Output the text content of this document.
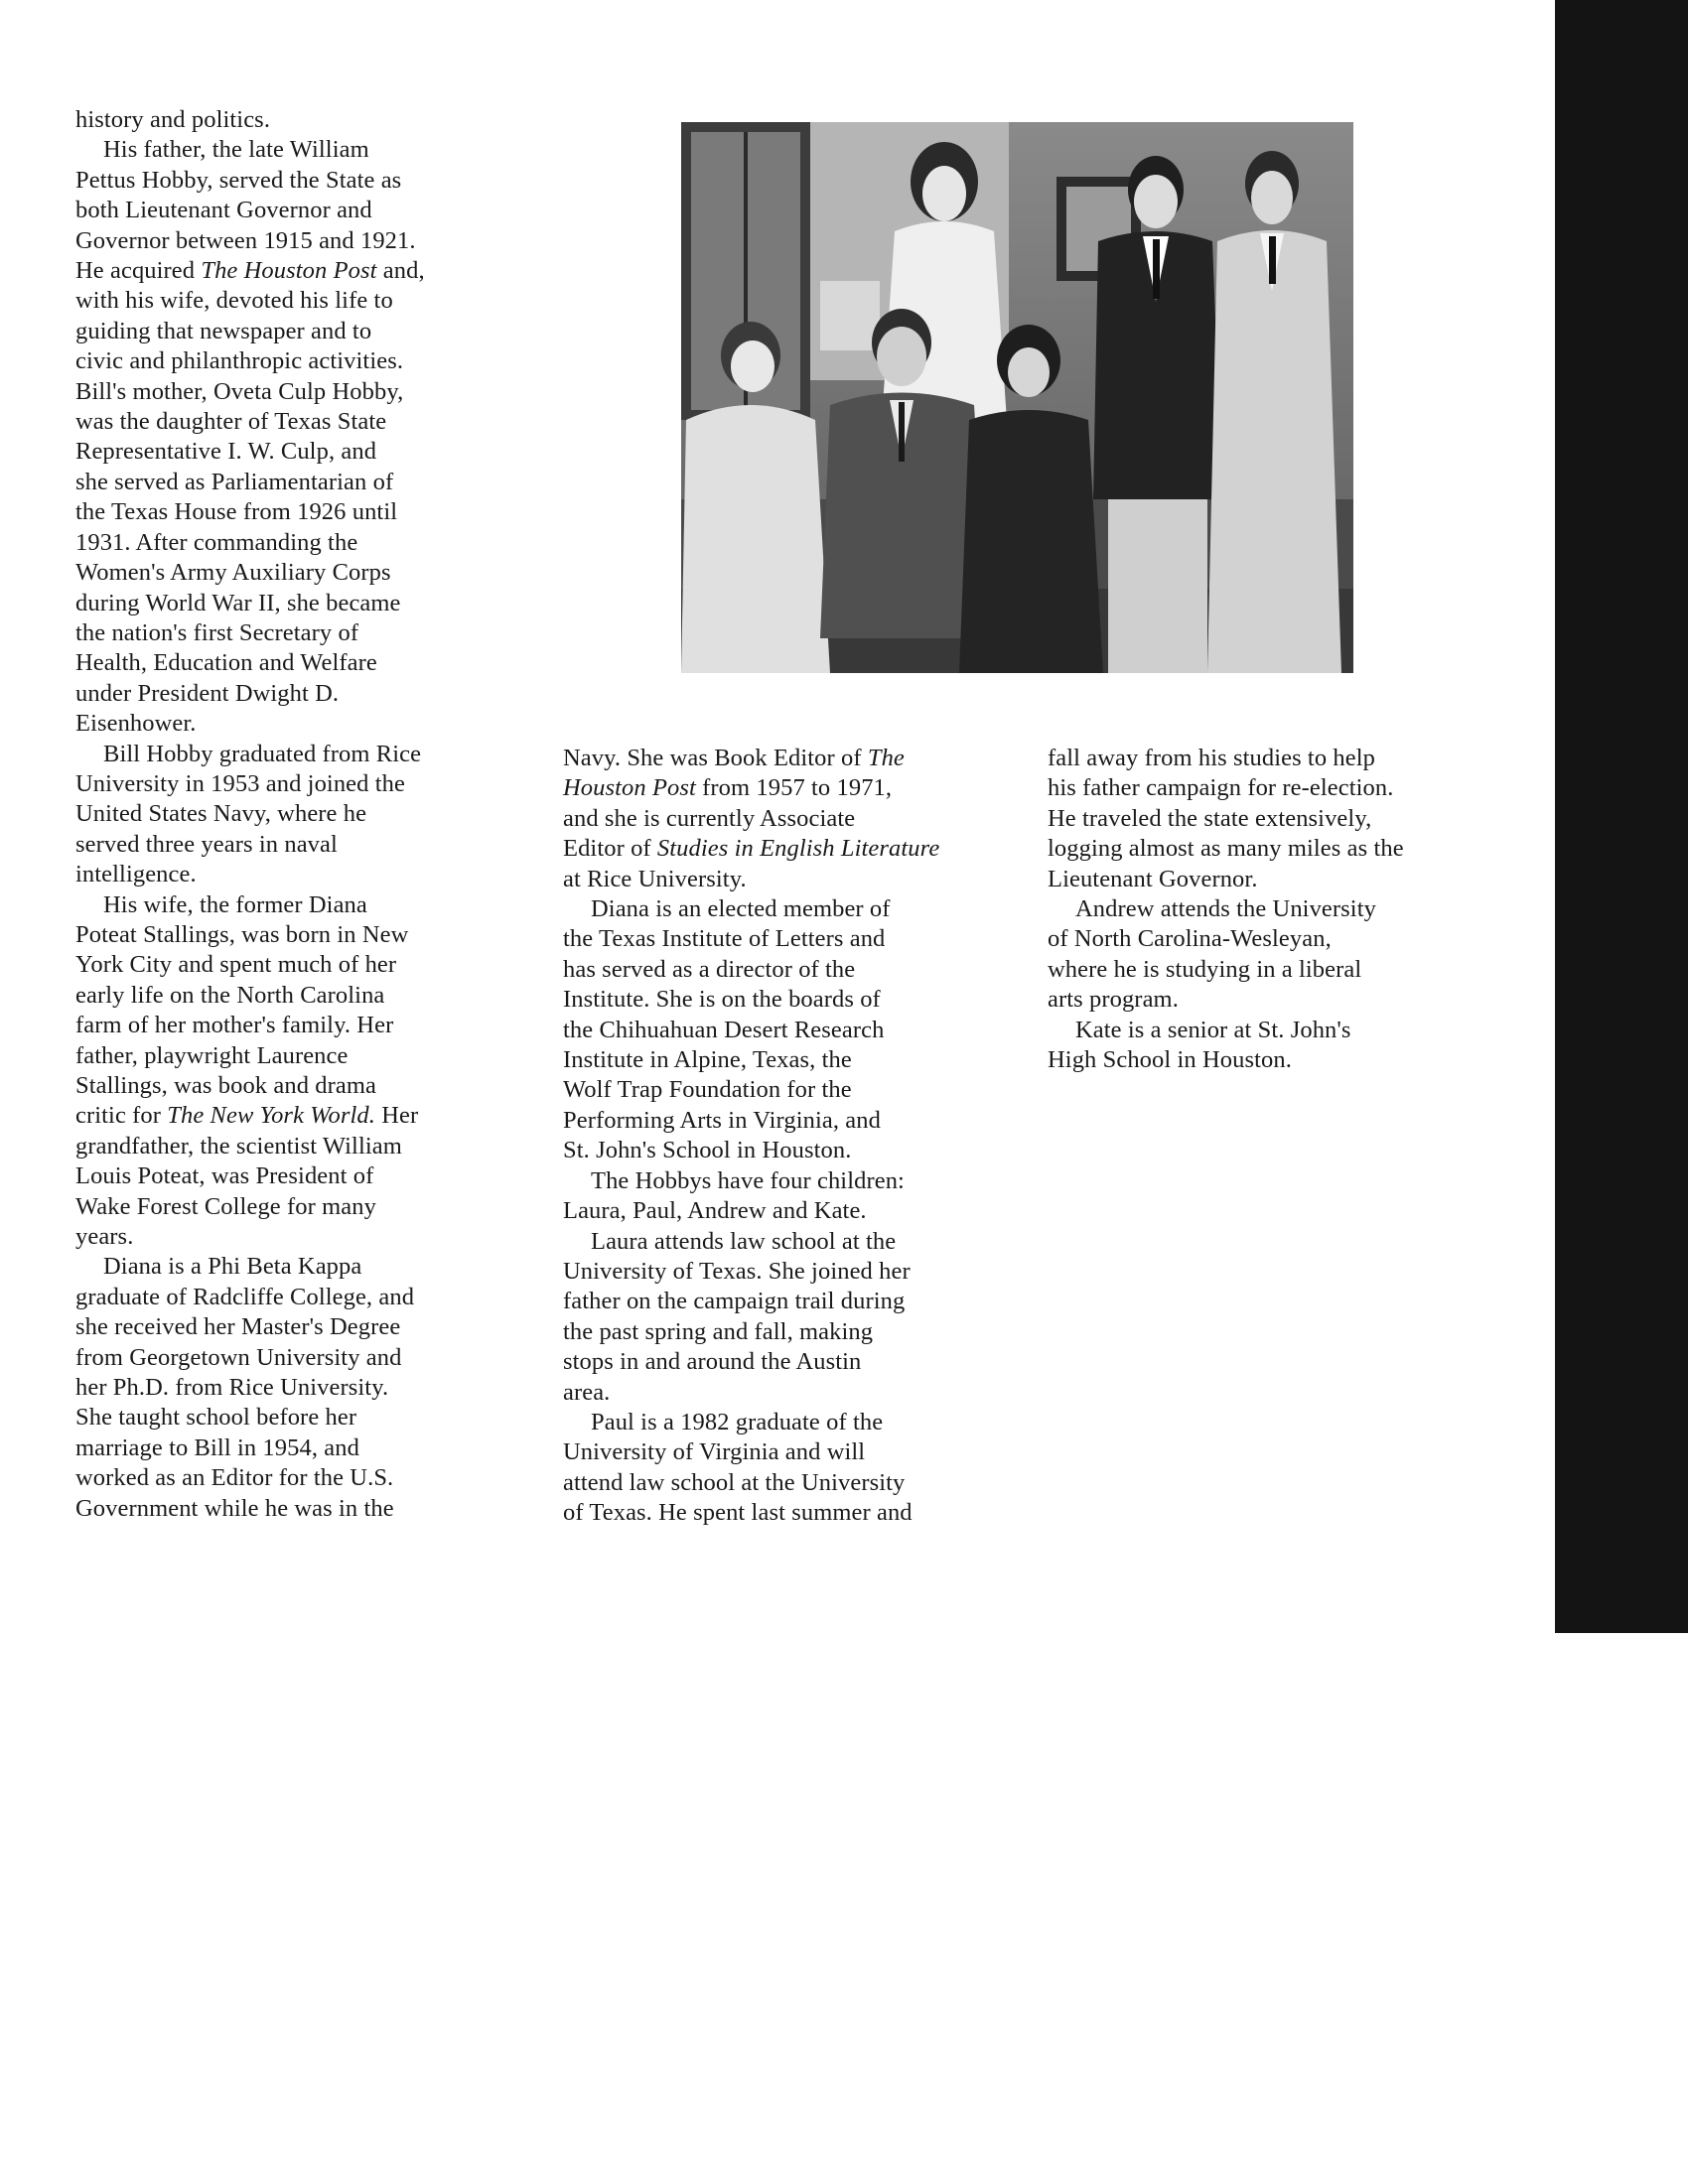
history and politics.

His father, the late William

Pettus Hobby, served the State as

both Lieutenant Governor and

Governor between 1915 and 1921.

He acquired The Houston Post and,

with his wife, devoted his life to

guiding that newspaper and to

civic and philanthropic activities.

Bill's mother, Oveta Culp Hobby,

was the daughter of Texas State

Representative I. W. Culp, and

she served as Parliamentarian of

the Texas House from 1926 until

1931. After commanding the

Women's Army Auxiliary Corps

during World War II, she became

the nation's first Secretary of

Health, Education and Welfare

under President Dwight D.

Eisenhower.

Bill Hobby graduated from Rice

University in 1953 and joined the

United States Navy, where he

served three years in naval

intelligence.

His wife, the former Diana

Poteat Stallings, was born in New

York City and spent much of her

early life on the North Carolina

farm of her mother's family. Her

father, playwright Laurence

Stallings, was book and drama

critic for The New York World. Her

grandfather, the scientist William

Louis Poteat, was President of

Wake Forest College for many

years.

Diana is a Phi Beta Kappa

graduate of Radcliffe College, and

she received her Master's Degree

from Georgetown University and

her Ph.D. from Rice University.

She taught school before her

marriage to Bill in 1954, and

worked as an Editor for the U.S.

Government while he was in the

Navy. She was Book Editor of The

Houston Post from 1957 to 1971,

and she is currently Associate

Editor of Studies in English Literature

at Rice University.

Diana is an elected member of

the Texas Institute of Letters and

has served as a director of the

Institute. She is on the boards of

the Chihuahuan Desert Research

Institute in Alpine, Texas, the

Wolf Trap Foundation for the

Performing Arts in Virginia, and

St. John's School in Houston.

The Hobbys have four children:

Laura, Paul, Andrew and Kate.

Laura attends law school at the

University of Texas. She joined her

father on the campaign trail during

the past spring and fall, making

stops in and around the Austin

area.

Paul is a 1982 graduate of the

University of Virginia and will

attend law school at the University

of Texas. He spent last summer and

fall away from his studies to help

his father campaign for re-election.

He traveled the state extensively,

logging almost as many miles as the

Lieutenant Governor.

Andrew attends the University

of North Carolina-Wesleyan,

where he is studying in a liberal

arts program.

Kate is a senior at St. John's

High School in Houston.
